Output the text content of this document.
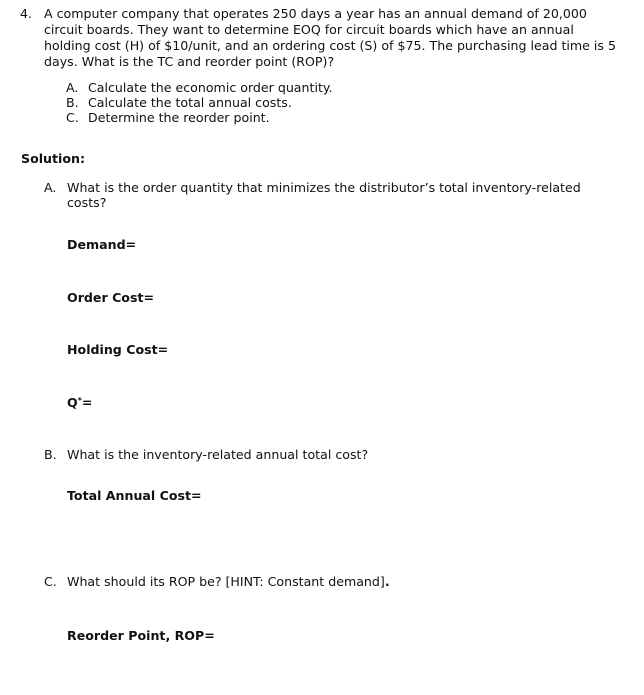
4. A computer company that operates 250 days a year has an annual demand of 20,000
circuit boards. They want to determine EOQ for circuit boards which have an annual
holding cost (H) of $10/unit, and an ordering cost (S) of $75. The purchasing lead time is 5
days. What is the TC and reorder point (ROP)?
A. Calculate the economic order quantity.
B. Calculate the total annual costs.
C. Determine the reorder point.
Solution:
A. What is the order quantity that minimizes the distributor’s total inventory-related
costs?
Demand=
Order Cost=
Holding Cost=
Q*=
B. What is the inventory-related annual total cost?
Total Annual Cost=
C. What should its ROP be? [HINT: Constant demand].
Reorder Point, ROP=
